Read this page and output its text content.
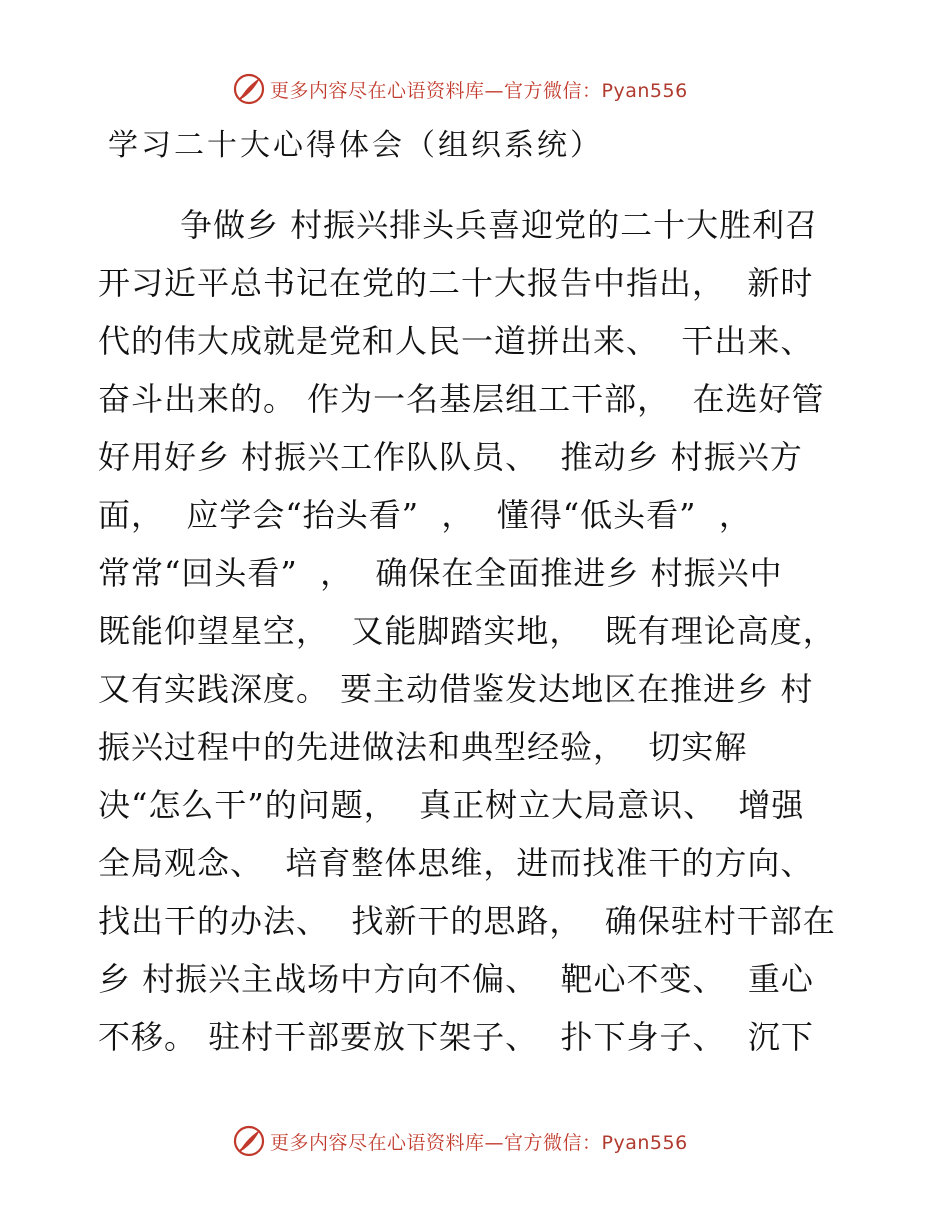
更多内容尽在心语资料库—官方微信：Pyan556
学习二十大心得体会（组织系统）
争做乡 村振兴排头兵喜迎党的二十大胜利召
开习近平总书记在党的二十大报告中指出，  新时
代的伟大成就是党和人民一道拼出来、  干出来、
奋斗出来的。 作为一名基层组工干部，  在选好管
好用好乡 村振兴工作队队员、  推动乡 村振兴方
面，  应学会“抬头看”  ，  懂得“低头看”  ，
常常“回头看”  ，  确保在全面推进乡 村振兴中
既能仰望星空，  又能脚踏实地，  既有理论高度，
又有实践深度。 要主动借鉴发达地区在推进乡 村
振兴过程中的先进做法和典型经验，  切实解
决“怎么干”的问题，  真正树立大局意识、  增强
全局观念、  培育整体思维，进而找准干的方向、
找出干的办法、  找新干的思路，  确保驻村干部在
乡 村振兴主战场中方向不偏、  靶心不变、  重心
不移。 驻村干部要放下架子、  扑下身子、  沉下
更多内容尽在心语资料库—官方微信：Pyan556
